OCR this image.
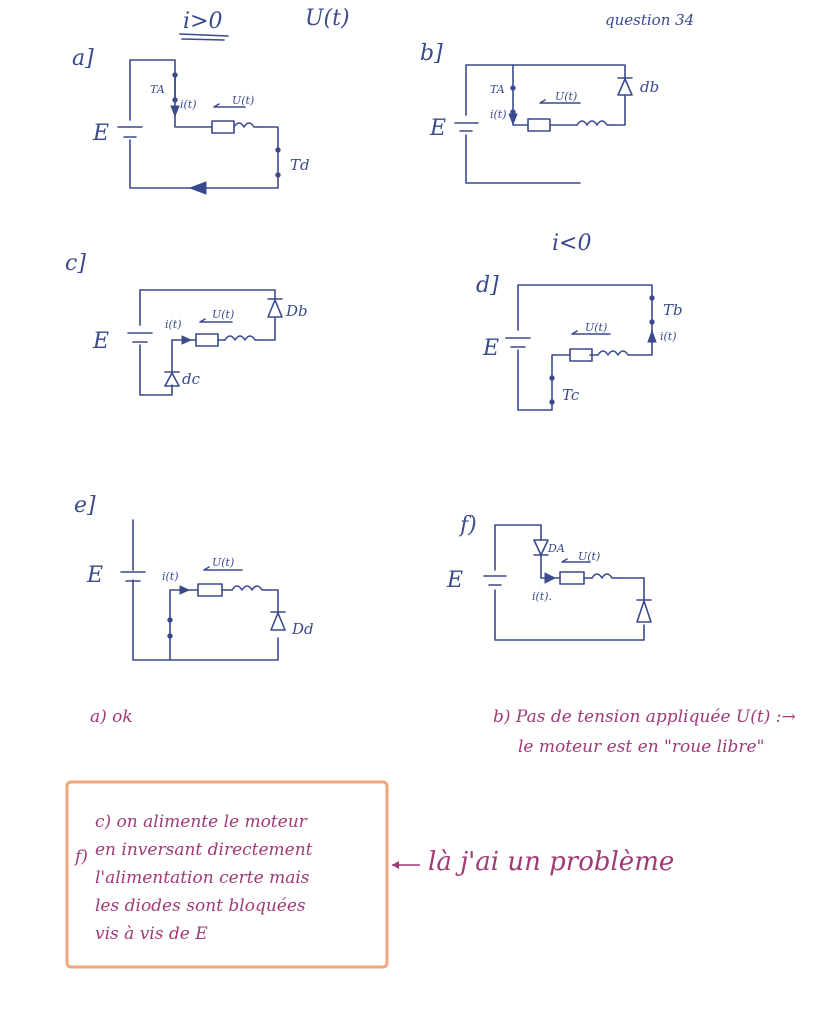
i>0	U(t)	question 34
a]
E
TA
i(t)	U(t)
Td
b]
E
TA
i(t)
U(t)
db
i<0
c]
E
i(t)
U(t)	Db
dc
d]
E
U(t)
Tb
i(t)
Tc
e]
E	i(t)
U(t)
Dd
f)
E
DA
U(t)
i(t).
a) ok	b) Pas de tension appliquée U(t) :→
le moteur est en "roue libre"
c) on alimente le moteur
en inversant directement
l'alimentation certe mais
les diodes sont bloquées
vis à vis de E
f)	là j'ai un problème
